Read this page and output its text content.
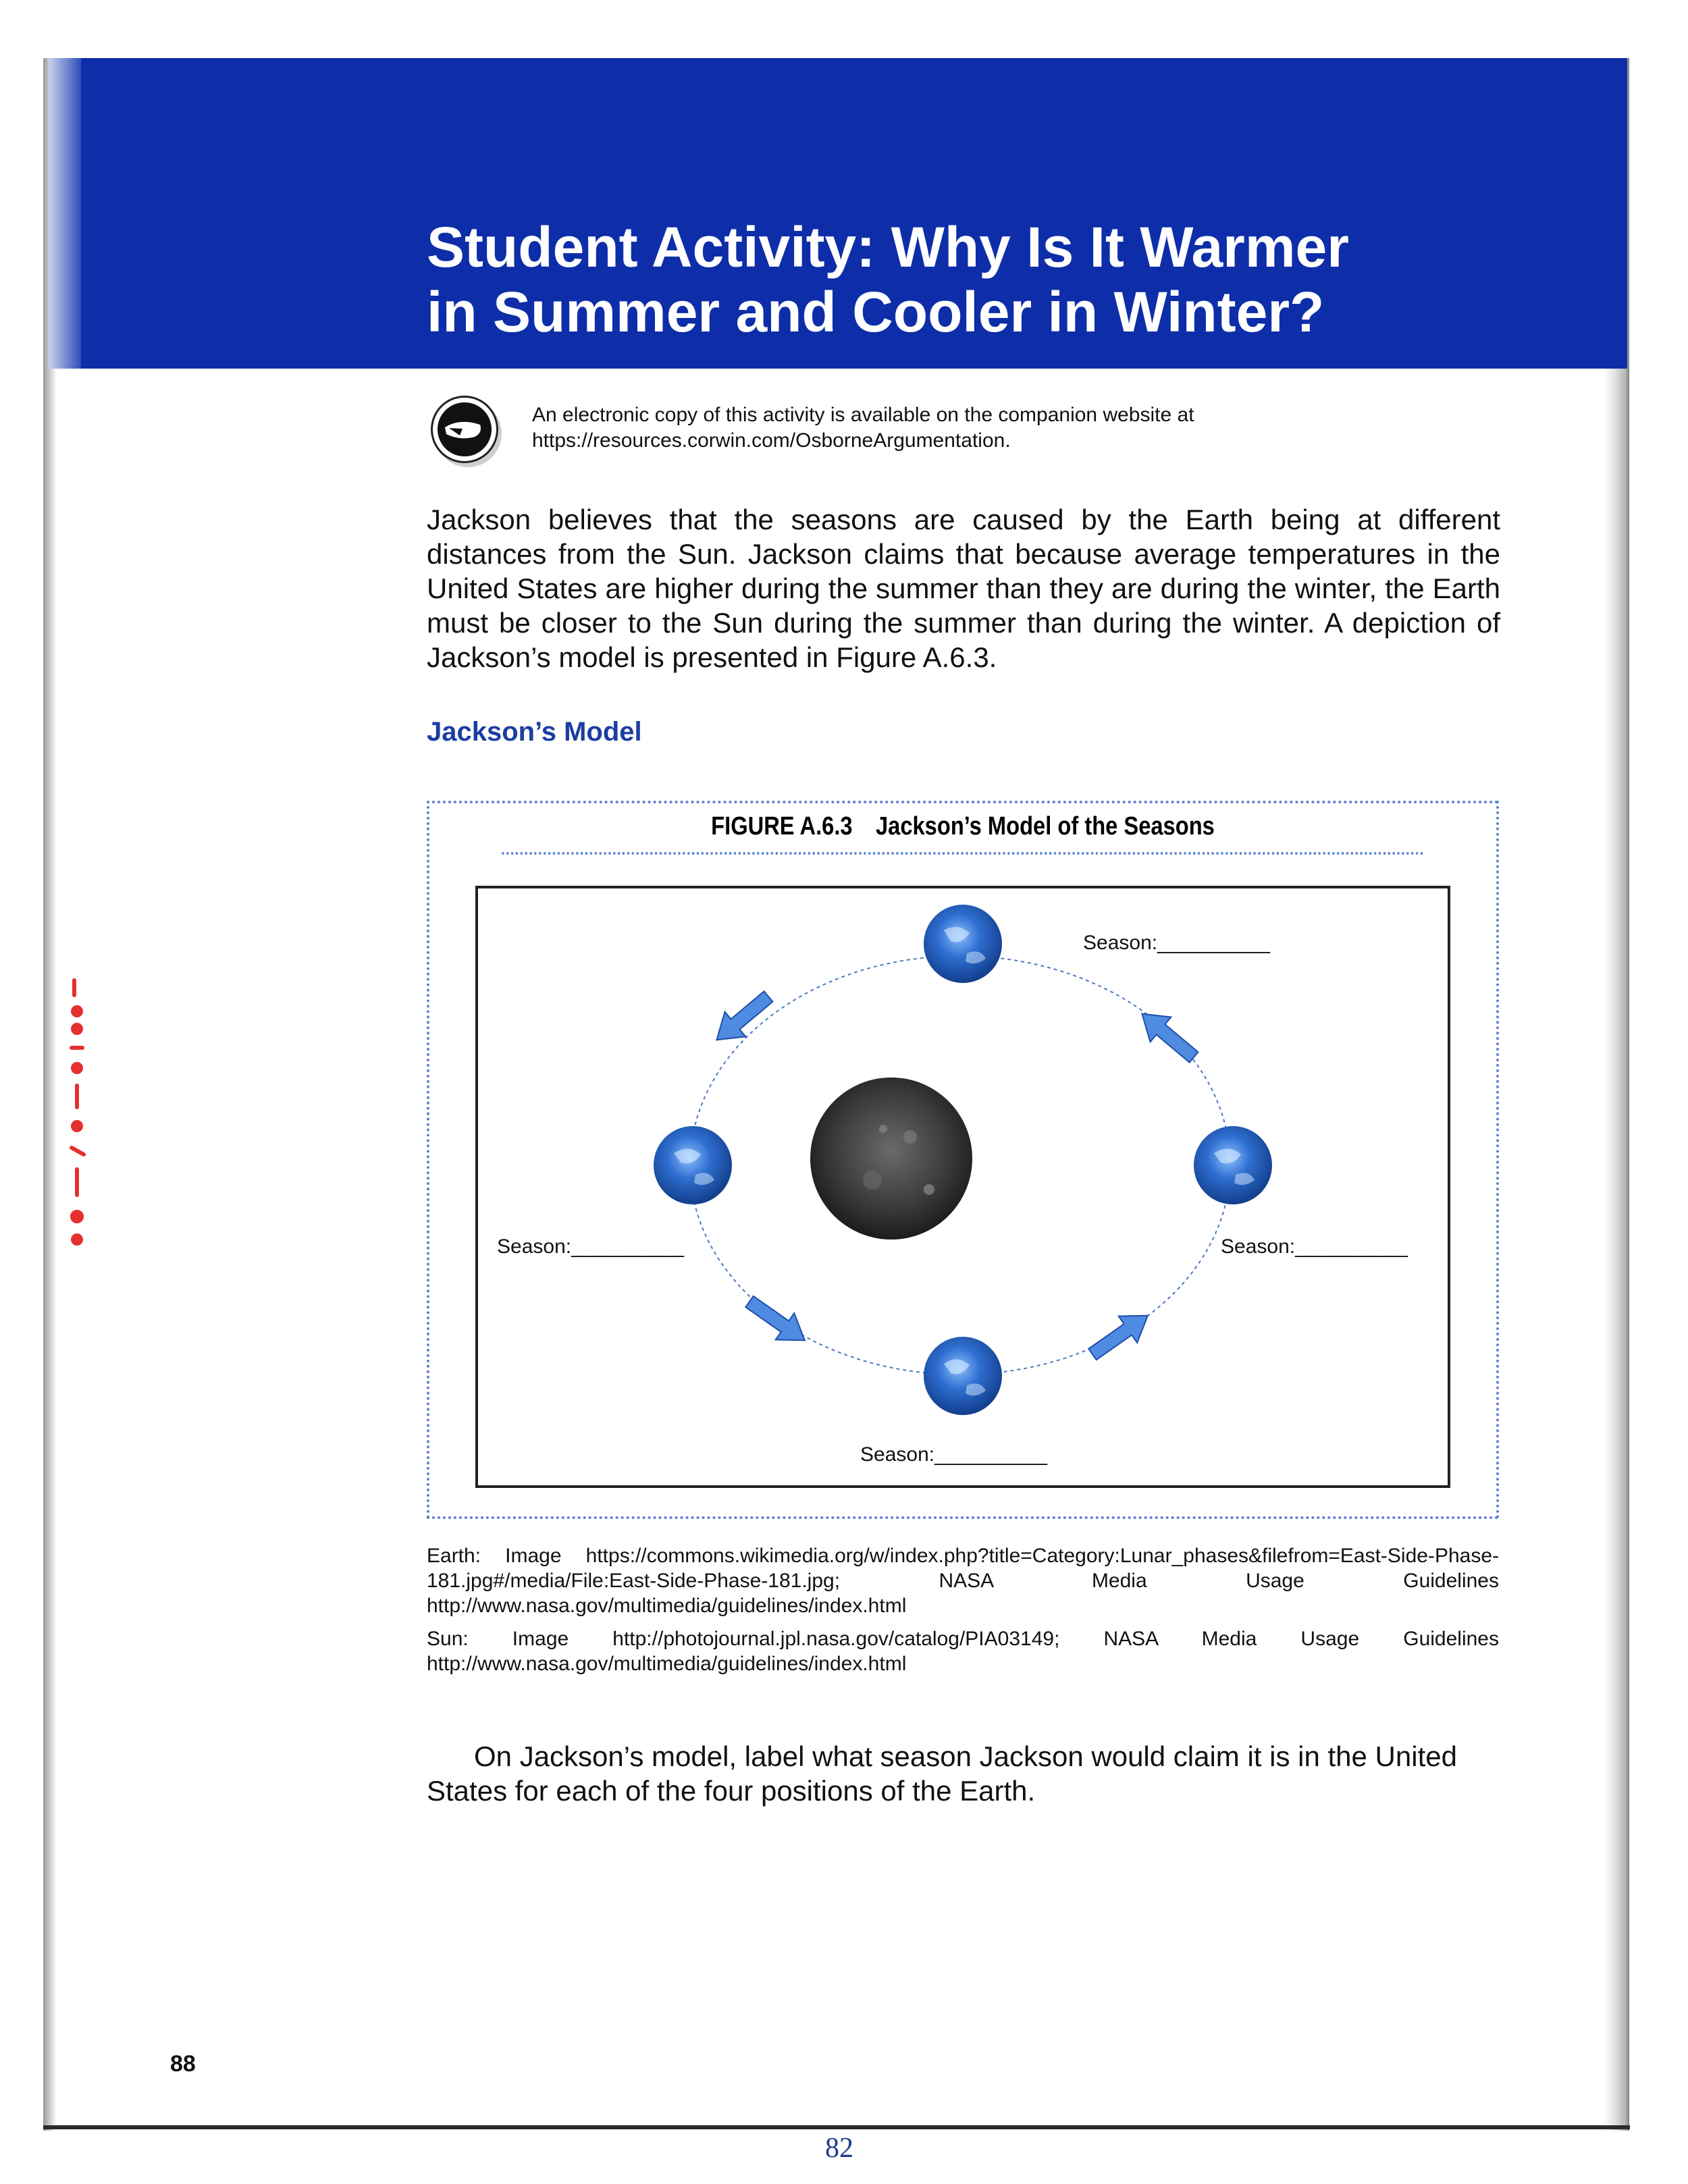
Student Activity: Why Is It Warmer
in Summer and Cooler in Winter?
An electronic copy of this activity is available on the companion website at https://resources.corwin.com/OsborneArgumentation.
Jackson believes that the seasons are caused by the Earth being at different distances from the Sun. Jackson claims that because average temperatures in the United States are higher during the summer than they are during the winter, the Earth must be closer to the Sun during the summer than during the winter. A depiction of Jackson’s model is presented in Figure A.6.3.
Jackson’s Model
FIGURE A.6.3 Jackson’s Model of the Seasons
Season:__________
Season:__________	Season:__________
Season:__________

Earth: Image https://commons.wikimedia.org/w/index.php?title=Category:Lunar_phases&filefrom=East-Side-Phase-181.jpg#/media/File:East-Side-Phase-181.jpg; NASA Media Usage Guidelines http://www.nasa.gov/multimedia/guidelines/index.html

Sun: Image http://photojournal.jpl.nasa.gov/catalog/PIA03149; NASA Media Usage Guidelines http://www.nasa.gov/multimedia/guidelines/index.html

On Jackson’s model, label what season Jackson would claim it is in the United States for each of the four positions of the Earth.
88
82
